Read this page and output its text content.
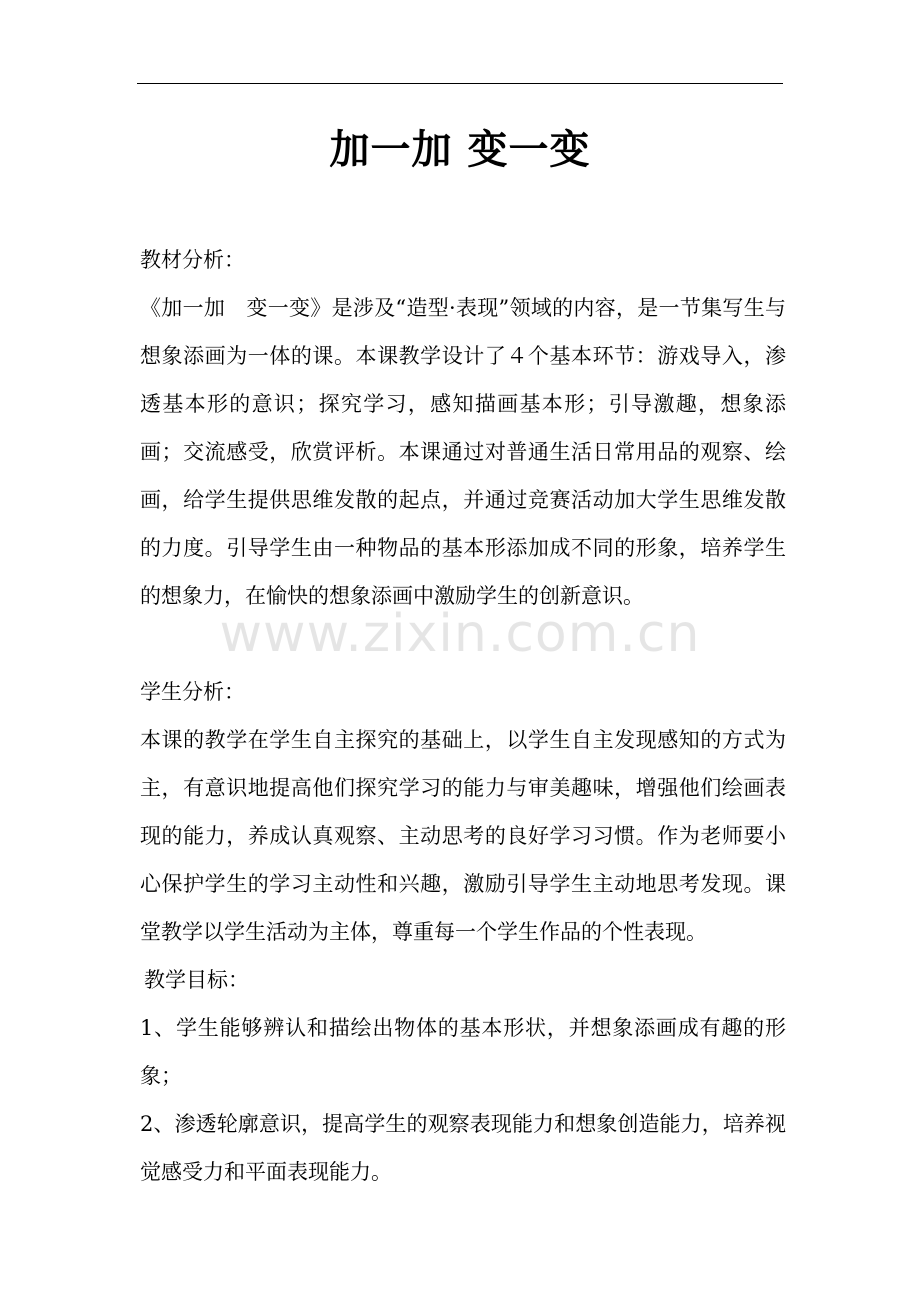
加一加 变一变
教材分析：

《加一加　变一变》是涉及“造型·表现”领域的内容，是一节集写生与想象添画为一体的课。本课教学设计了４个基本环节：游戏导入，渗透基本形的意识；探究学习，感知描画基本形；引导激趣，想象添画；交流感受，欣赏评析。本课通过对普通生活日常用品的观察、绘画，给学生提供思维发散的起点，并通过竞赛活动加大学生思维发散的力度。引导学生由一种物品的基本形添加成不同的形象，培养学生的想象力，在愉快的想象添画中激励学生的创新意识。

学生分析：

本课的教学在学生自主探究的基础上，以学生自主发现感知的方式为主，有意识地提高他们探究学习的能力与审美趣味，增强他们绘画表现的能力，养成认真观察、主动思考的良好学习习惯。作为老师要小心保护学生的学习主动性和兴趣，激励引导学生主动地思考发现。课堂教学以学生活动为主体，尊重每一个学生作品的个性表现。

教学目标：

1、学生能够辨认和描绘出物体的基本形状，并想象添画成有趣的形象；

2、渗透轮廓意识，提高学生的观察表现能力和想象创造能力，培养视觉感受力和平面表现能力。

www.zixin.com.cn
